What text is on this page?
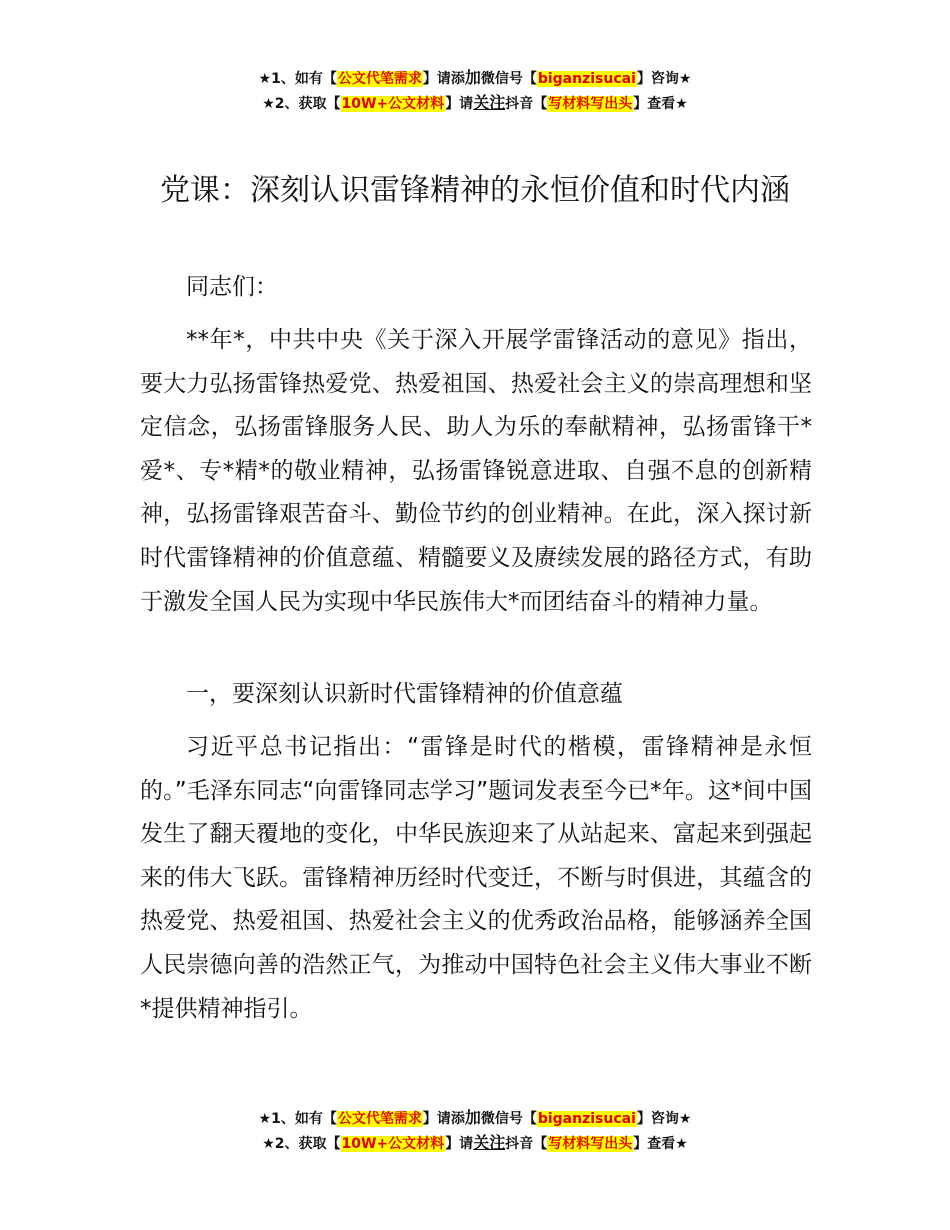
★1、如有【公文代笔需求】请添加微信号【biganzisucai】咨询★
★2、获取【10W+公文材料】请关注抖音【写材料写出头】查看★
党课：深刻认识雷锋精神的永恒价值和时代内涵

同志们：

**年*，中共中央《关于深入开展学雷锋活动的意见》指出，要大力弘扬雷锋热爱党、热爱祖国、热爱社会主义的崇高理想和坚定信念，弘扬雷锋服务人民、助人为乐的奉献精神，弘扬雷锋干*爱*、专*精*的敬业精神，弘扬雷锋锐意进取、自强不息的创新精神，弘扬雷锋艰苦奋斗、勤俭节约的创业精神。在此，深入探讨新时代雷锋精神的价值意蕴、精髓要义及赓续发展的路径方式，有助于激发全国人民为实现中华民族伟大*而团结奋斗的精神力量。

一，要深刻认识新时代雷锋精神的价值意蕴

习近平总书记指出：“雷锋是时代的楷模，雷锋精神是永恒的。”毛泽东同志“向雷锋同志学习”题词发表至今已*年。这*间中国发生了翻天覆地的变化，中华民族迎来了从站起来、富起来到强起来的伟大飞跃。雷锋精神历经时代变迁，不断与时俱进，其蕴含的热爱党、热爱祖国、热爱社会主义的优秀政治品格，能够涵养全国人民崇德向善的浩然正气，为推动中国特色社会主义伟大事业不断*提供精神指引。

★1、如有【公文代笔需求】请添加微信号【biganzisucai】咨询★
★2、获取【10W+公文材料】请关注抖音【写材料写出头】查看★
